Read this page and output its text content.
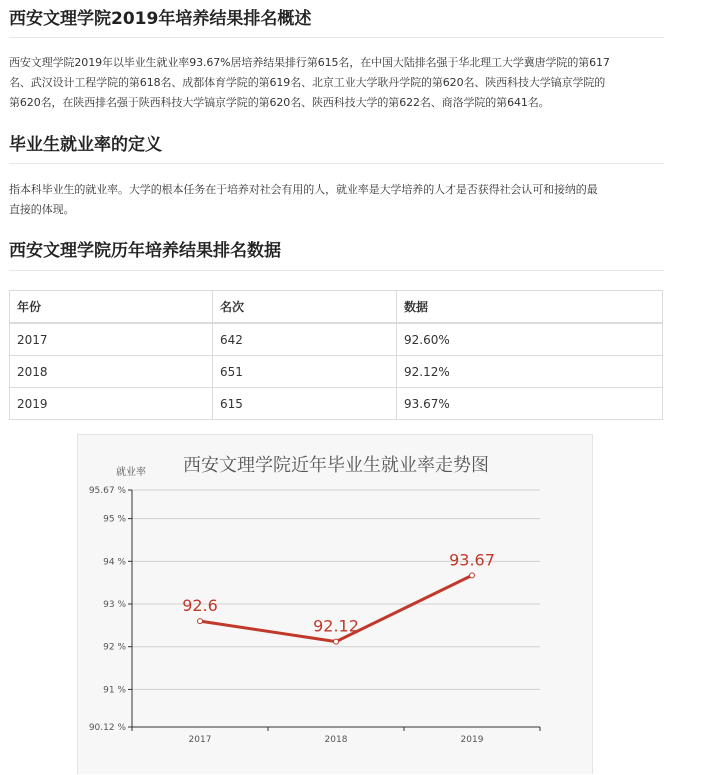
西安文理学院2019年培养结果排名概述
西安文理学院2019年以毕业生就业率93.67%居培养结果排行第615名，在中国大陆排名强于华北理工大学冀唐学院的第617
名、武汉设计工程学院的第618名、成都体育学院的第619名、北京工业大学耿丹学院的第620名、陕西科技大学镐京学院的
第620名，在陕西排名强于陕西科技大学镐京学院的第620名、陕西科技大学的第622名、商洛学院的第641名。
毕业生就业率的定义
指本科毕业生的就业率。大学的根本任务在于培养对社会有用的人，就业率是大学培养的人才是否获得社会认可和接纳的最
直接的体现。
西安文理学院历年培养结果排名数据
年份	名次	数据
2017	642	92.60%
2018	651	92.12%
2019	615	93.67%
西安文理学院近年毕业生就业率走势图
就业率
90.12 %
91 %
92 %
93 %
94 %
95 %
95.67 %
2017	2018	2019
92.6
92.12
93.67
